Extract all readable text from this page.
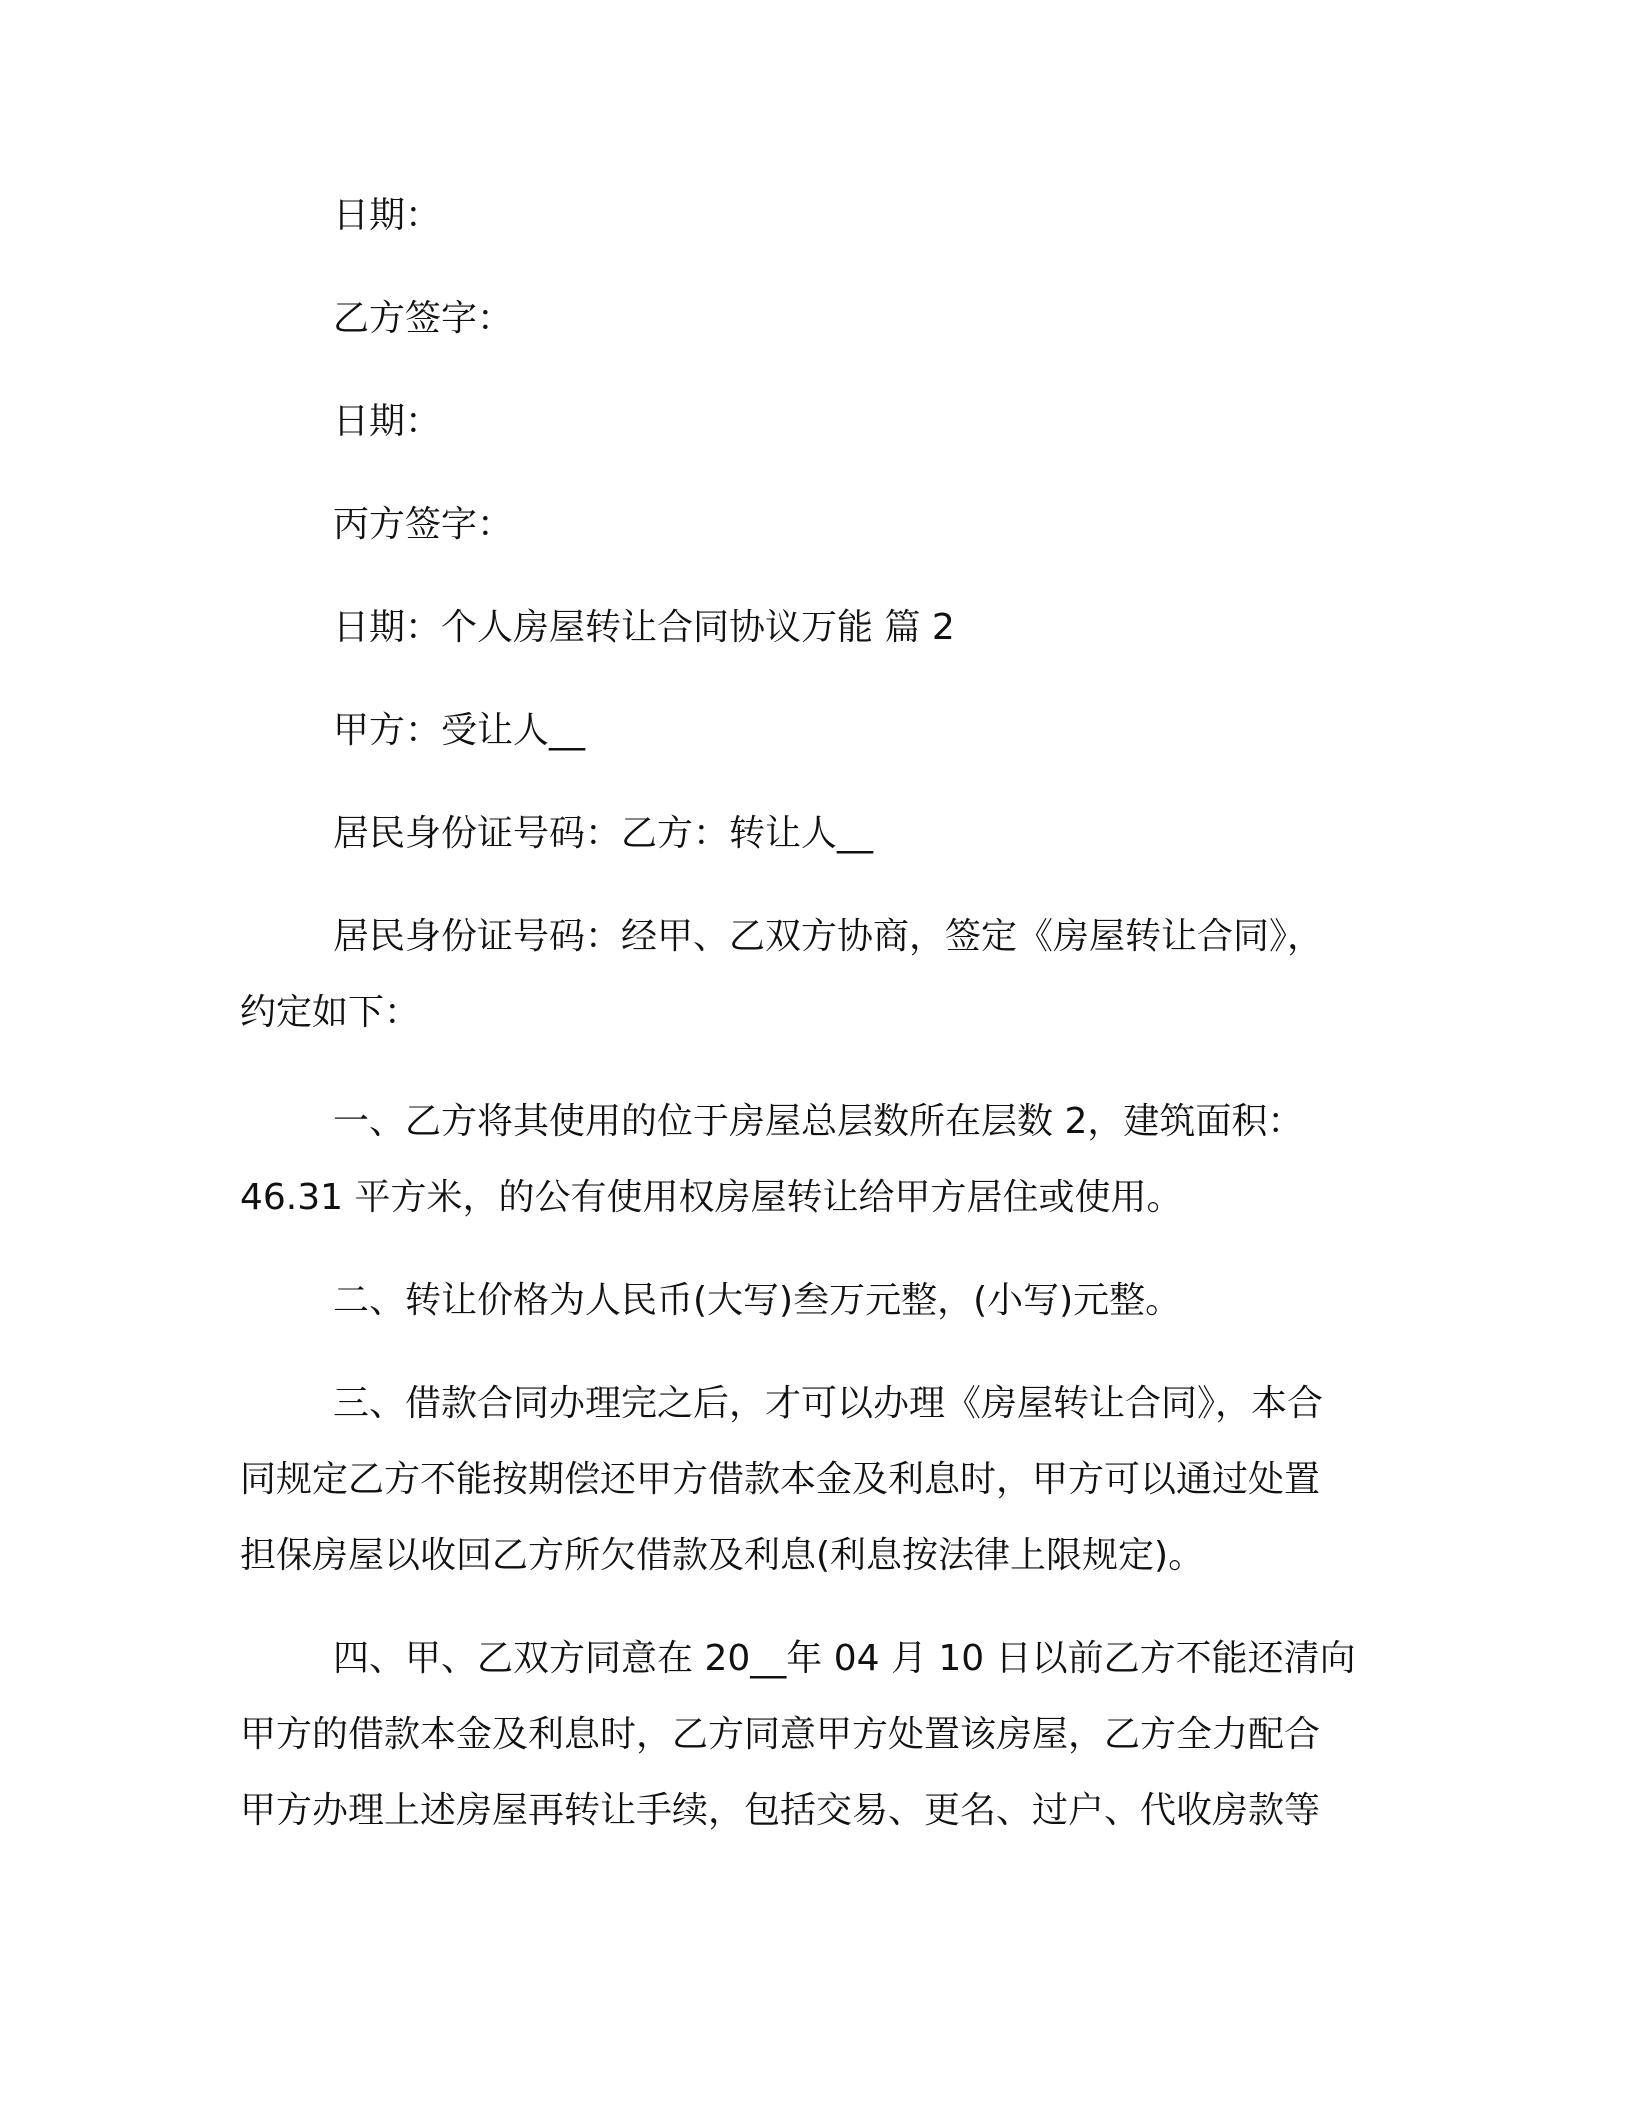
日期：

乙方签字：

日期：

丙方签字：

日期：个人房屋转让合同协议万能 篇 2

甲方：受让人__

居民身份证号码：乙方：转让人__

居民身份证号码：经甲、乙双方协商，签定《房屋转让合同》，

约定如下：

一、乙方将其使用的位于房屋总层数所在层数 2，建筑面积：

46.31 平方米，的公有使用权房屋转让给甲方居住或使用。

二、转让价格为人民币(大写)叁万元整，(小写)元整。

三、借款合同办理完之后，才可以办理《房屋转让合同》，本合

同规定乙方不能按期偿还甲方借款本金及利息时，甲方可以通过处置

担保房屋以收回乙方所欠借款及利息(利息按法律上限规定)。

四、甲、乙双方同意在 20__年 04 月 10 日以前乙方不能还清向

甲方的借款本金及利息时，乙方同意甲方处置该房屋，乙方全力配合

甲方办理上述房屋再转让手续，包括交易、更名、过户、代收房款等
